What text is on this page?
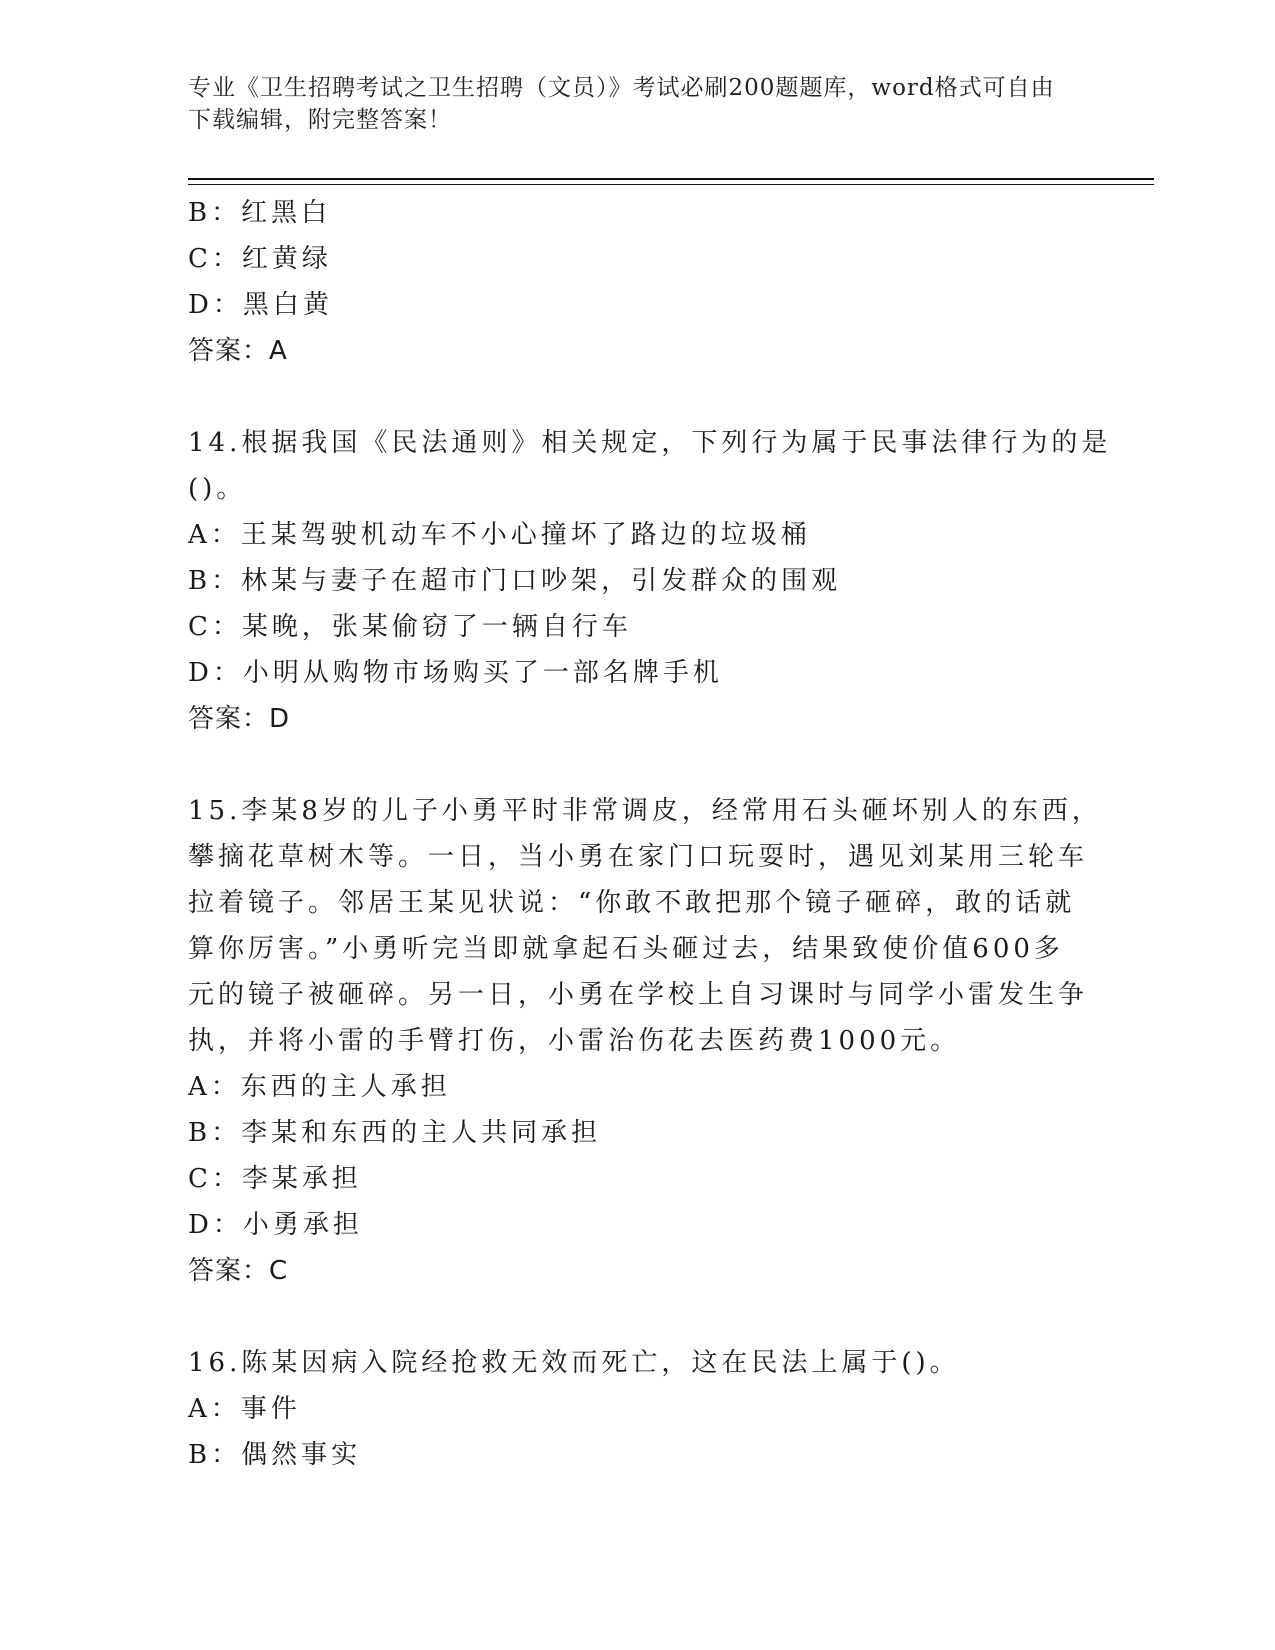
专业《卫生招聘考试之卫生招聘（文员）》考试必刷200题题库，word格式可自由下载编辑，附完整答案！
B：红黑白
C：红黄绿
D：黑白黄
答案：A
14.根据我国《民法通则》相关规定，下列行为属于民事法律行为的是
()。
A：王某驾驶机动车不小心撞坏了路边的垃圾桶
B：林某与妻子在超市门口吵架，引发群众的围观
C：某晚，张某偷窃了一辆自行车
D：小明从购物市场购买了一部名牌手机
答案：D
15.李某8岁的儿子小勇平时非常调皮，经常用石头砸坏别人的东西，
攀摘花草树木等。一日，当小勇在家门口玩耍时，遇见刘某用三轮车
拉着镜子。邻居王某见状说：“你敢不敢把那个镜子砸碎，敢的话就
算你厉害。”小勇听完当即就拿起石头砸过去，结果致使价值600多
元的镜子被砸碎。另一日，小勇在学校上自习课时与同学小雷发生争
执，并将小雷的手臂打伤，小雷治伤花去医药费1000元。
A：东西的主人承担
B：李某和东西的主人共同承担
C：李某承担
D：小勇承担
答案：C
16.陈某因病入院经抢救无效而死亡，这在民法上属于()。
A：事件
B：偶然事实
